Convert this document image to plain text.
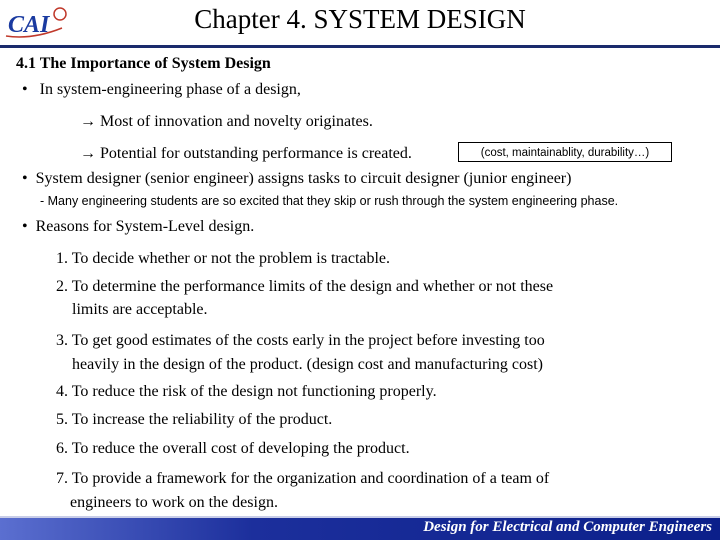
CAI	Chapter 4. SYSTEM DESIGN
4.1 The Importance of System Design
•   In system-engineering phase of a design,
→ Most of innovation and novelty originates.
→ Potential for outstanding performance is created.	(cost, maintainablity, durability…)
•  System designer (senior engineer) assigns tasks to circuit designer (junior engineer)
- Many engineering students are so excited that they skip or rush through the system engineering phase.
•  Reasons for System-Level design.
1. To decide whether or not the problem is tractable.
2. To determine the performance limits of the design and whether or not these
limits are acceptable.
3. To get good estimates of the costs early in the project before investing too
heavily in the design of the product. (design cost and manufacturing cost)
4. To reduce the risk of the design not functioning properly.
5. To increase the reliability of the product.
6. To reduce the overall cost of developing the product.
7. To provide a framework for the organization and coordination of a team of
engineers to work on the design.
Design for Electrical and Computer Engineers
